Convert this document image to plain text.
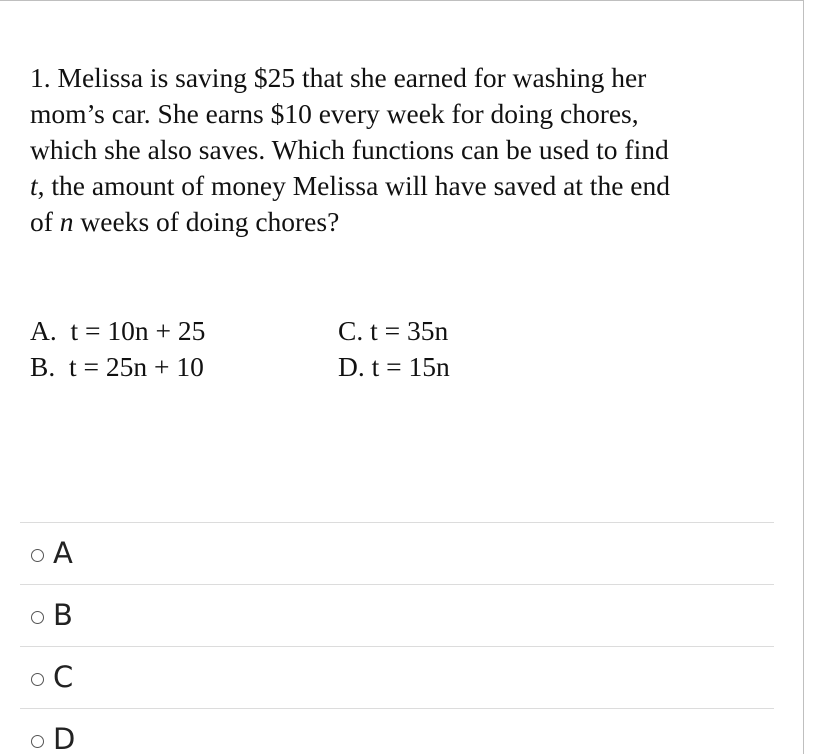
1. Melissa is saving $25 that she earned for washing her
mom’s car. She earns $10 every week for doing chores,
which she also saves. Which functions can be used to find
t, the amount of money Melissa will have saved at the end
of n weeks of doing chores?

A.  t = 10n + 25
B.  t = 25n + 10
C. t = 35n
D. t = 15n
A
B
C
D
